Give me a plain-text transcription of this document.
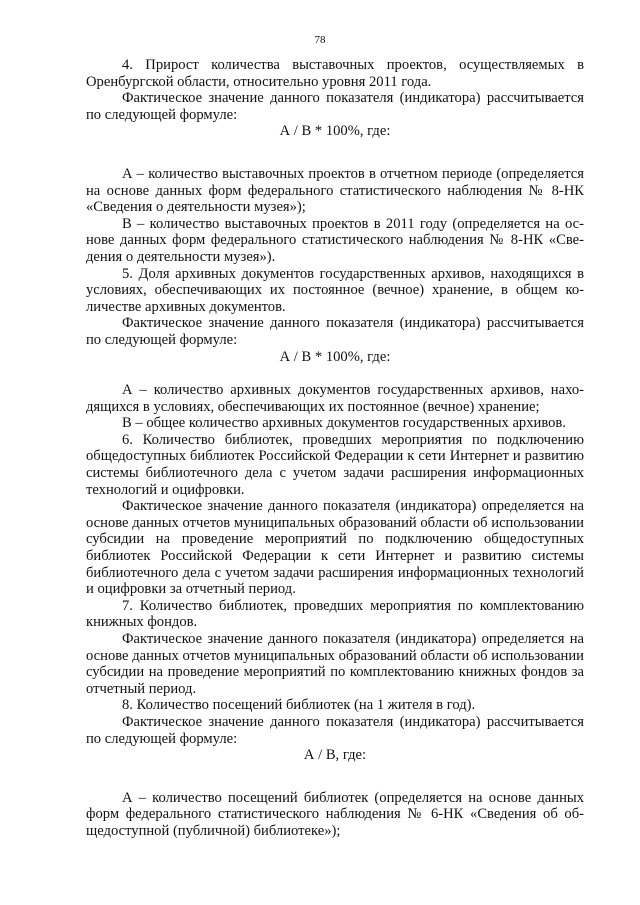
78

4. Прирост количества выставочных проектов, осуществляемых в Оренбургской области, относительно уровня 2011 года.

Фактическое значение данного показателя (индикатора) рассчитывается по следующей формуле:

А / В * 100%, где:

А – количество выставочных проектов в отчетном периоде (определяется на основе данных форм федерального статистического наблюдения № 8-НК «Сведения о деятельности музея»);

В – количество выставочных проектов в 2011 году (определяется на основе данных форм федерального статистического наблюдения № 8-НК «Сведения о деятельности музея»).

5. Доля архивных документов государственных архивов, находящихся в условиях, обеспечивающих их постоянное (вечное) хранение, в общем количестве архивных документов.

Фактическое значение данного показателя (индикатора) рассчитывается по следующей формуле:

А / В * 100%, где:

А – количество архивных документов государственных архивов, находящихся в условиях, обеспечивающих их постоянное (вечное) хранение;

В – общее количество архивных документов государственных архивов.

6. Количество библиотек, проведших мероприятия по подключению общедоступных библиотек Российской Федерации к сети Интернет и развитию системы библиотечного дела с учетом задачи расширения информационных технологий и оцифровки.

Фактическое значение данного показателя (индикатора) определяется на основе данных отчетов муниципальных образований области об использовании субсидии на проведение мероприятий по подключению общедоступных библиотек Российской Федерации к сети Интернет и развитию системы библиотечного дела с учетом задачи расширения информационных технологий и оцифровки за отчетный период.

7. Количество библиотек, проведших мероприятия по комплектованию книжных фондов.

Фактическое значение данного показателя (индикатора) определяется на основе данных отчетов муниципальных образований области об использовании субсидии на проведение мероприятий по комплектованию книжных фондов за отчетный период.

8. Количество посещений библиотек (на 1 жителя в год).

Фактическое значение данного показателя (индикатора) рассчитывается по следующей формуле:

А / В, где:

А – количество посещений библиотек (определяется на основе данных форм федерального статистического наблюдения № 6-НК «Сведения об общедоступной (публичной) библиотеке»);
